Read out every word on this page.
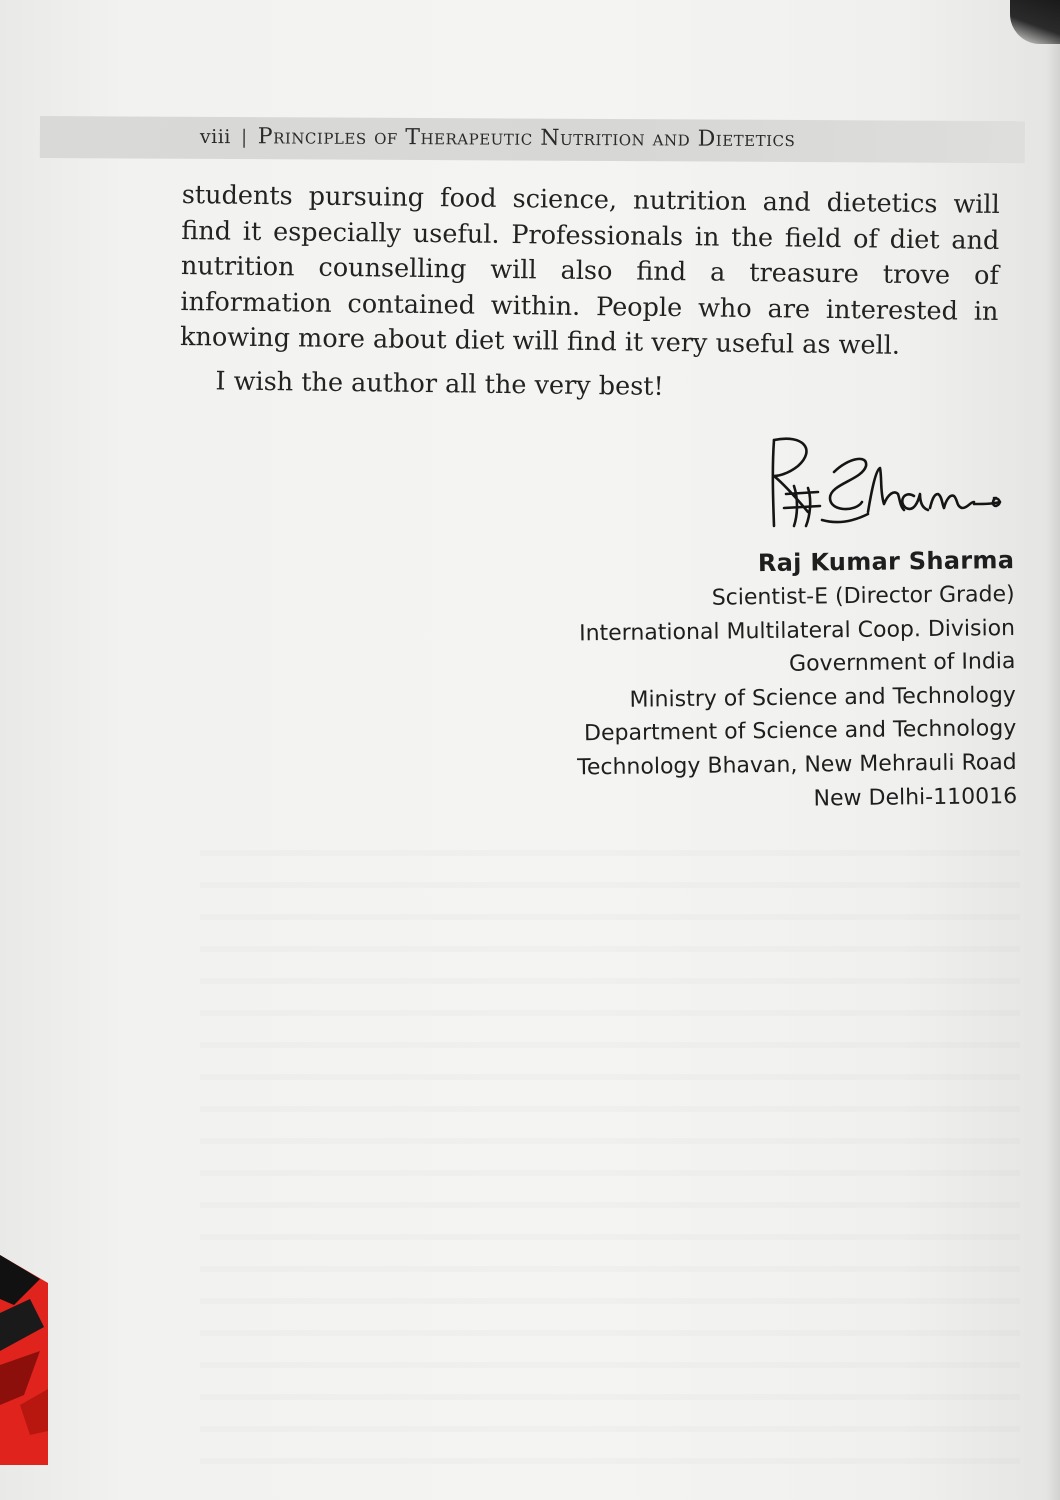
viii | Principles of Therapeutic Nutrition and Dietetics

students pursuing food science, nutrition and dietetics will find it especially useful. Professionals in the field of diet and nutrition counselling will also find a treasure trove of information contained within. People who are interested in knowing more about diet will find it very useful as well.

I wish the author all the very best!

Raj Kumar Sharma
Scientist-E (Director Grade)
International Multilateral Coop. Division
Government of India
Ministry of Science and Technology
Department of Science and Technology
Technology Bhavan, New Mehrauli Road
New Delhi-110016
